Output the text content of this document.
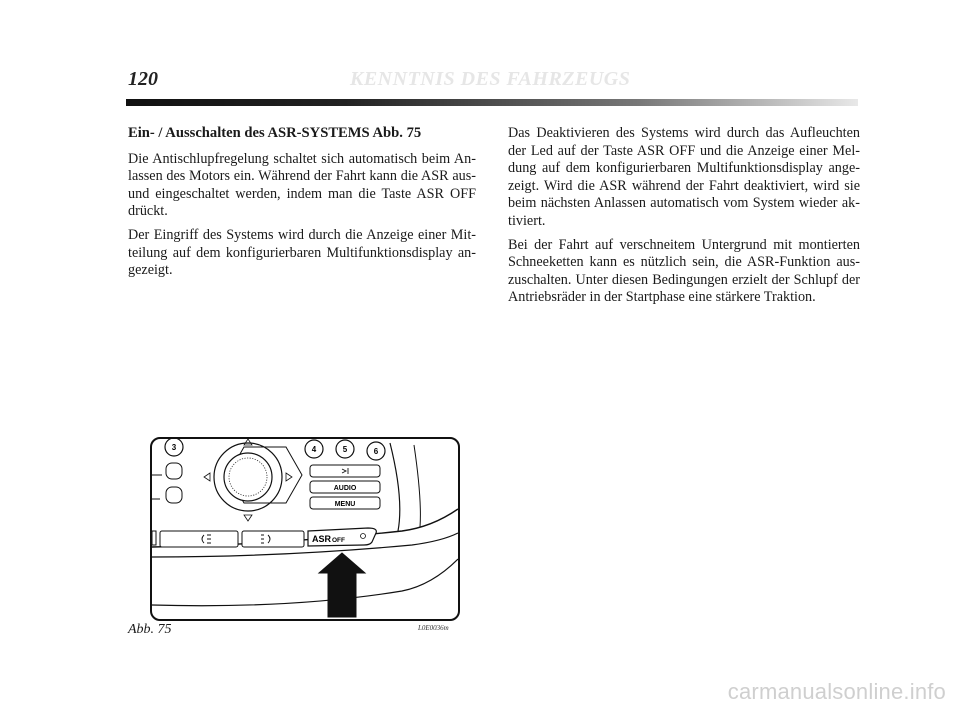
120	KENNTNIS DES FAHRZEUGS
Ein- / Ausschalten des ASR-SYSTEMS Abb. 75

Die Antischlupfregelung schaltet sich automatisch beim An-lassen des Motors ein. Während der Fahrt kann die ASR aus- und eingeschaltet werden, indem man die Taste ASR OFF drückt.

Der Eingriff des Systems wird durch die Anzeige einer Mit-teilung auf dem konfigurierbaren Multifunktionsdisplay an-gezeigt.

Das Deaktivieren des Systems wird durch das Aufleuchten der Led auf der Taste ASR OFF und die Anzeige einer Mel-dung auf dem konfigurierbaren Multifunktionsdisplay ange-zeigt. Wird die ASR während der Fahrt deaktiviert, wird sie beim nächsten Anlassen automatisch vom System wieder ak-tiviert.

Bei der Fahrt auf verschneitem Untergrund mit montierten Schneeketten kann es nützlich sein, die ASR-Funktion aus-zuschalten. Unter diesen Bedingungen erzielt der Schlupf der Antriebsräder in der Startphase eine stärkere Traktion.

3	4	5	6
AUDIO
MENU
ASR OFF
Abb. 75	L0E0036m
carmanualsonline.info
